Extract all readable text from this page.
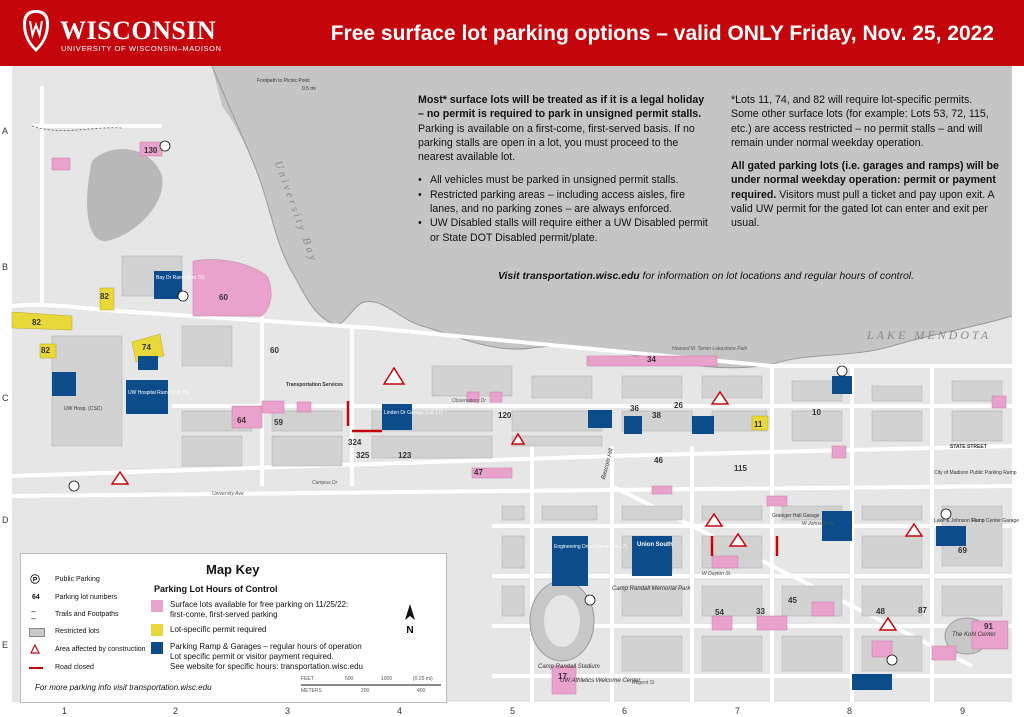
WISCONSIN
UNIVERSITY OF WISCONSIN–MADISON
Free surface lot parking options – valid ONLY Friday, Nov. 25, 2022
Footpath to Picnic Point
0.5 mi
University Bay
LAKE MENDOTA
Howard M. Temin Lakeshore Path
Bay Dr Ramp (Lot 76)
UW Hospital Ramp (Lot 75)
Linden Dr Garage (Lot 17)
Union South
Engineering Drive Ramp (Lot 17)
Grainger Hall Garage
Lake & Johnson Ramp
Fluno Center Garage
Camp Randall Stadium
Camp Randall Memorial Park
Observatory Dr
University Ave
W Johnson St
W Dayton St
Regent St
Campus Dr
STATE STREET
City of Madison Public Parking Ramp
The Kohl Center
UW Athletics Welcome Center
Transportation Services
UW Hosp. (CSC)
Bascom Hill
130
60
82
82
82	74	60
64	59
120
34
11
10
115
324
325	123
69
91
17
45
33
54	48	87
26
36
38
46
47
A
B
C
D
E
1	2	3	4	5	6	7	8	9

Most* surface lots will be treated as if it is a legal holiday – no permit is required to park in unsigned permit stalls. Parking is available on a first-come, first-served basis. If no parking stalls are open in a lot, you must proceed to the nearest available lot.

• All vehicles must be parked in unsigned permit stalls.
• Restricted parking areas – including access aisles, fire lanes, and no parking zones – are always enforced.
• UW Disabled stalls will require either a UW Disabled permit or State DOT Disabled permit/plate.

*Lots 11, 74, and 82 will require lot-specific permits. Some other surface lots (for example: Lots 53, 72, 115, etc.) are access restricted – no permit stalls – and will remain under normal weekday operation.

All gated parking lots (i.e. garages and ramps) will be under normal weekday operation: permit or payment required. Visitors must pull a ticket and pay upon exit. A valid UW permit for the gated lot can enter and exit per usual.

Visit transportation.wisc.edu for information on lot locations and regular hours of control.
Map Key
Parking Lot Hours of Control
P	Public Parking
64 Parking lot numbers
------
Trails and Footpaths
Restricted lots
Area affected by construction
Road closed
Surface lots available for free parking on 11/25/22:
first-come, first-served parking
Lot-specific permit required
Parking Ramp & Garages – regular hours of operation
Lot specific permit or visitor payment required.
See website for specific hours: transportation.wisc.edu
N
FEET	500	1000	(0.25 mi)
METERS	200	400
For more parking info visit transportation.wisc.edu
